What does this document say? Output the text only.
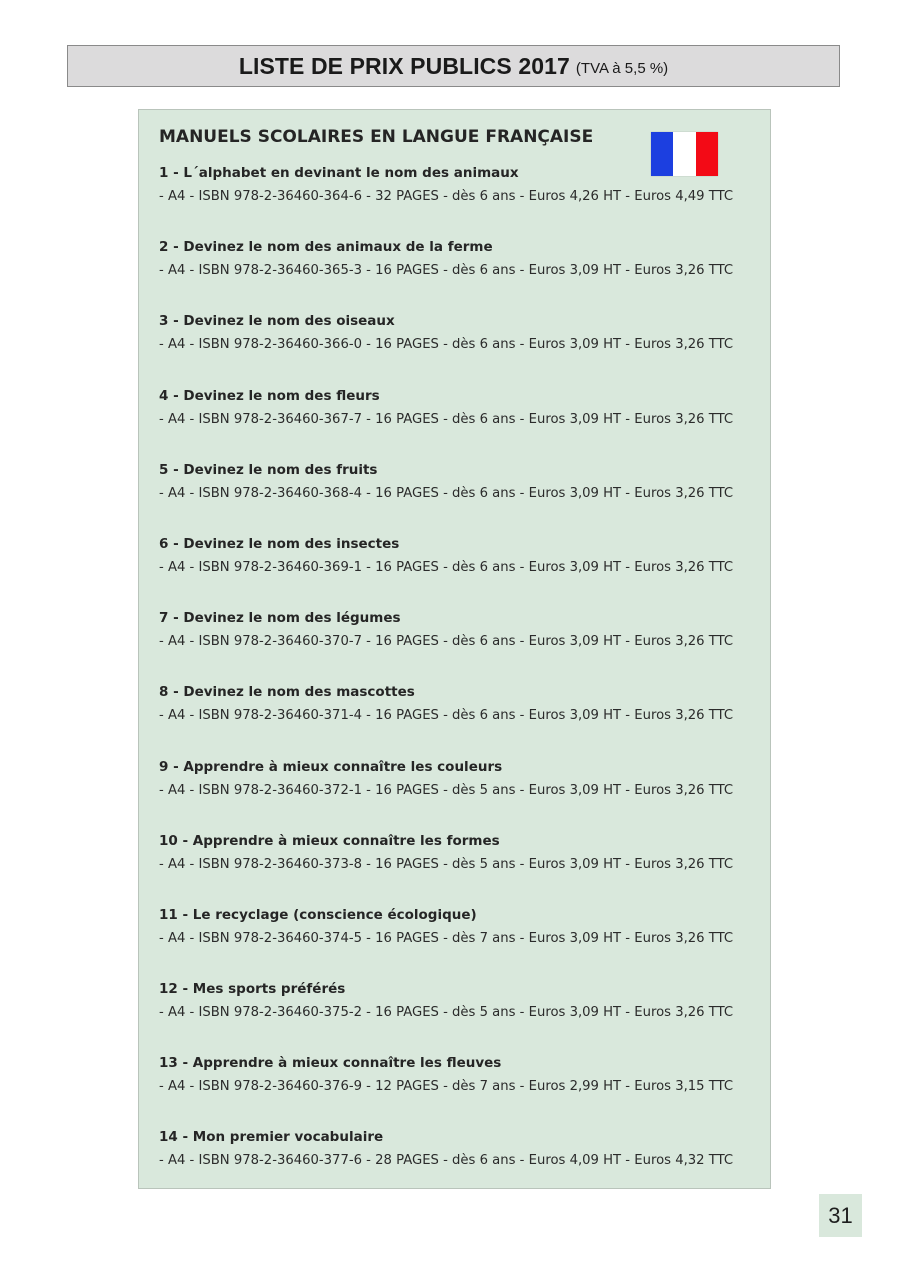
LISTE DE PRIX PUBLICS 2017 (TVA à 5,5 %)
MANUELS SCOLAIRES EN LANGUE FRANÇAISE
1 - L´alphabet en devinant le nom des animaux
- A4 - ISBN 978-2-36460-364-6 - 32 PAGES - dès 6 ans - Euros 4,26 HT - Euros 4,49 TTC
2 - Devinez le nom des animaux de la ferme
- A4 - ISBN 978-2-36460-365-3 - 16 PAGES - dès 6 ans - Euros 3,09 HT - Euros 3,26 TTC
3 - Devinez le nom des oiseaux
- A4 - ISBN 978-2-36460-366-0 - 16 PAGES - dès 6 ans - Euros 3,09 HT - Euros 3,26 TTC
4 - Devinez le nom des fleurs
- A4 - ISBN 978-2-36460-367-7 - 16 PAGES - dès 6 ans - Euros 3,09 HT - Euros 3,26 TTC
5 - Devinez le nom des fruits
- A4 - ISBN 978-2-36460-368-4 - 16 PAGES - dès 6 ans - Euros 3,09 HT - Euros 3,26 TTC
6 - Devinez le nom des insectes
- A4 - ISBN 978-2-36460-369-1 - 16 PAGES - dès 6 ans - Euros 3,09 HT - Euros 3,26 TTC
7 - Devinez le nom des légumes
- A4 - ISBN 978-2-36460-370-7 - 16 PAGES - dès 6 ans - Euros 3,09 HT - Euros 3,26 TTC
8 - Devinez le nom des mascottes
- A4 - ISBN 978-2-36460-371-4 - 16 PAGES - dès 6 ans - Euros 3,09 HT - Euros 3,26 TTC
9 - Apprendre à mieux connaître les couleurs
- A4 - ISBN 978-2-36460-372-1 - 16 PAGES - dès 5 ans - Euros 3,09 HT - Euros 3,26 TTC
10 - Apprendre à mieux connaître les formes
- A4 - ISBN 978-2-36460-373-8 - 16 PAGES - dès 5 ans - Euros 3,09 HT - Euros 3,26 TTC
11 - Le recyclage (conscience écologique)
- A4 - ISBN 978-2-36460-374-5 - 16 PAGES - dès 7 ans - Euros 3,09 HT - Euros 3,26 TTC
12 - Mes sports préférés
- A4 - ISBN 978-2-36460-375-2 - 16 PAGES - dès 5 ans - Euros 3,09 HT - Euros 3,26 TTC
13 - Apprendre à mieux connaître les fleuves
- A4 - ISBN 978-2-36460-376-9 - 12 PAGES - dès 7 ans - Euros 2,99 HT - Euros 3,15 TTC
14 - Mon premier vocabulaire
- A4 - ISBN 978-2-36460-377-6 - 28 PAGES - dès 6 ans - Euros 4,09 HT - Euros 4,32 TTC
31
